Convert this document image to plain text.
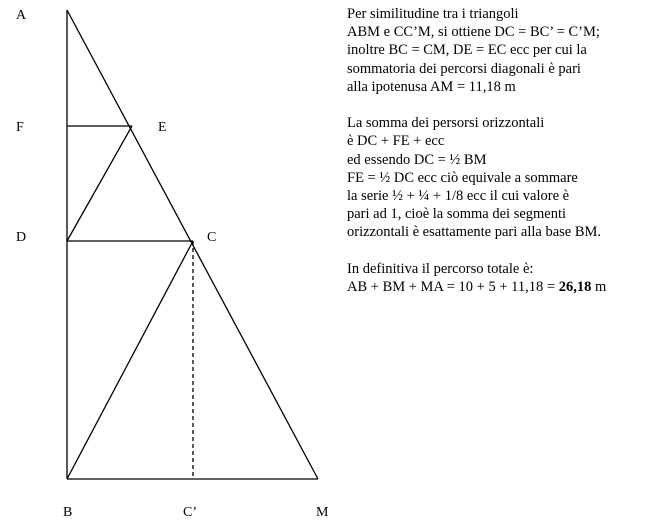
A
F	E
D	C
B	C’	M
Per similitudine tra i triangoli
ABM e CC’M, si ottiene DC = BC’ = C’M;
inoltre BC = CM, DE = EC ecc per cui la
sommatoria dei percorsi diagonali è pari
alla ipotenusa AM = 11,18 m
La somma dei persorsi orizzontali
è DC + FE + ecc
ed essendo DC = ½ BM
FE = ½ DC ecc ciò equivale a sommare
la serie ½ + ¼ + 1/8 ecc il cui valore è
pari ad 1, cioè la somma dei segmenti
orizzontali è esattamente pari alla base BM.
In definitiva il percorso totale è:
AB + BM + MA = 10 + 5 + 11,18 = 26,18 m
